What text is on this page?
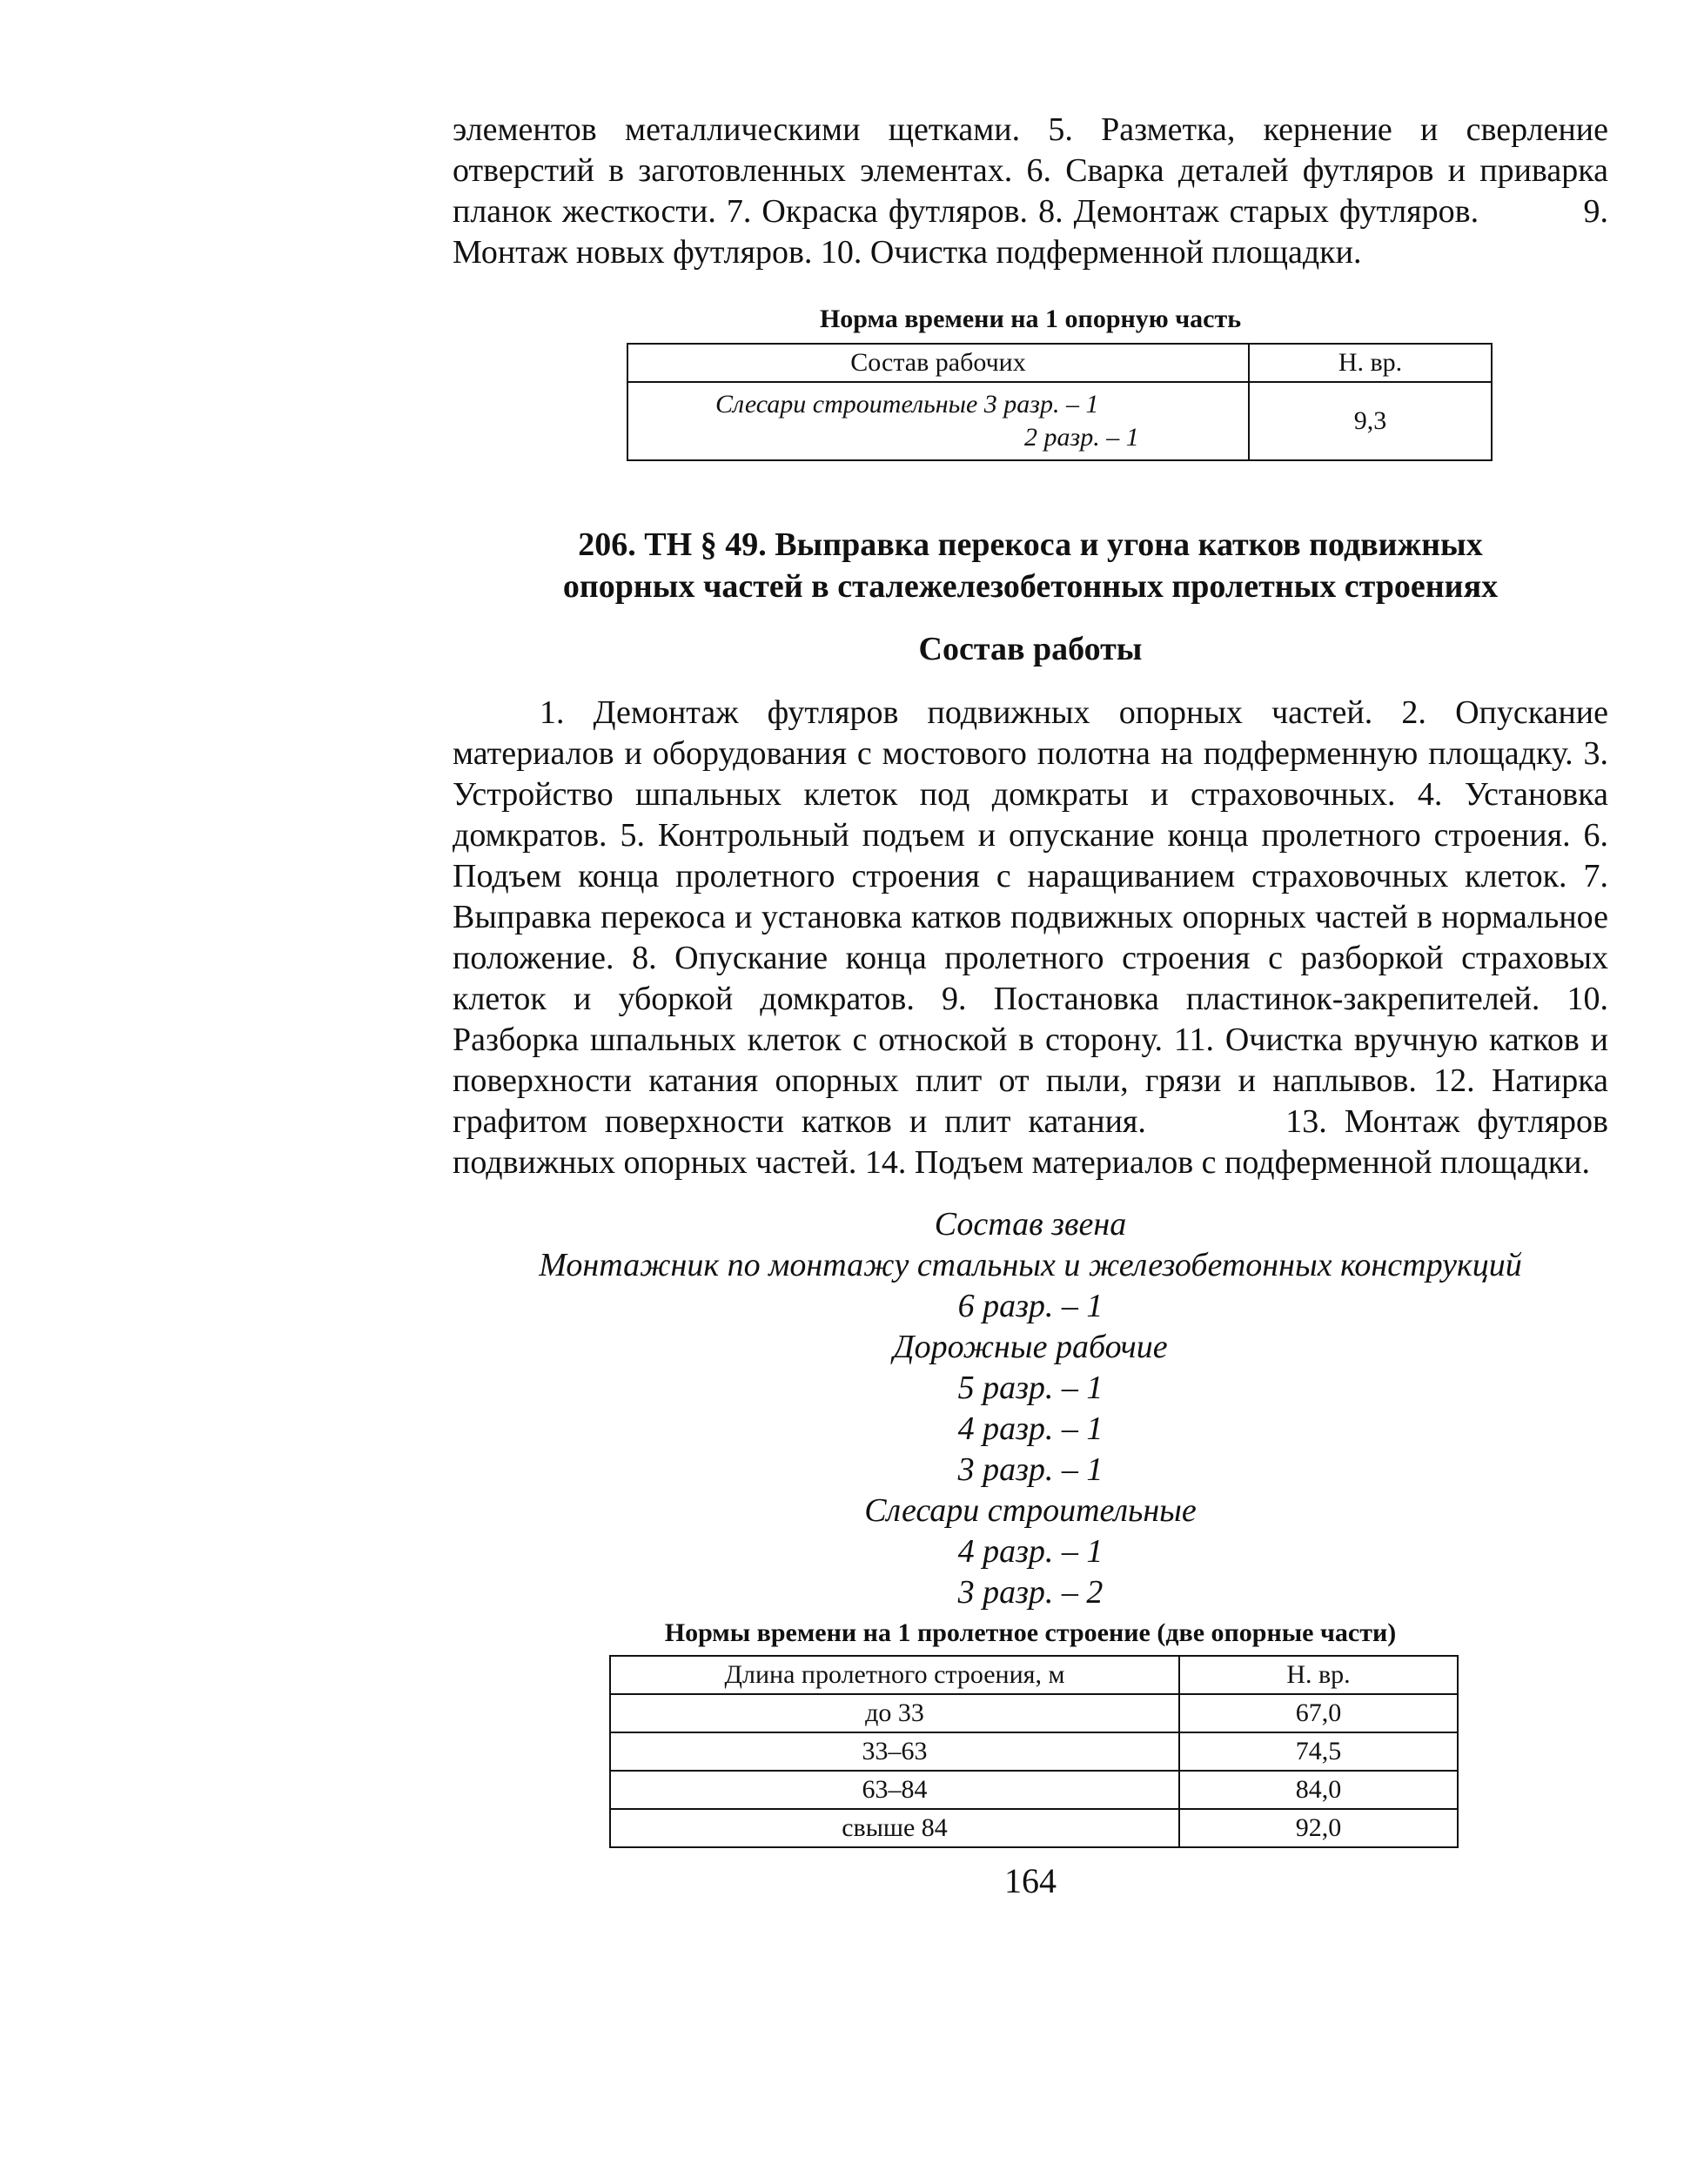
элементов металлическими щетками. 5. Разметка, кернение и сверление отверстий в заготовленных элементах. 6. Сварка деталей футляров и приварка планок жесткости. 7. Окраска футляров. 8. Демонтаж старых футляров.          9. Монтаж новых футляров. 10. Очистка подферменной площадки.

Норма времени на 1 опорную часть

Состав рабочих	Н. вр.

Слесари строительные 3 разр. – 1
2 разр. – 1	9,3

206. ТН § 49. Выправка перекоса и угона катков подвижных

опорных частей в сталежелезобетонных пролетных строениях

Состав работы

1. Демонтаж футляров подвижных опорных частей. 2. Опускание материалов и оборудования с мостового полотна на подферменную площадку. 3. Устройство шпальных клеток под домкраты и страховочных. 4. Установка домкратов. 5. Контрольный подъем и опускание конца пролетного строения. 6. Подъем конца пролетного строения с наращиванием страховочных клеток. 7. Выправка перекоса и установка катков подвижных опорных частей в нормальное положение. 8. Опускание конца пролетного строения с разборкой страховых клеток и уборкой домкратов. 9. Постановка пластинок-закрепителей. 10. Разборка шпальных клеток с отноской в сторону. 11. Очистка вручную катков и поверхности катания опорных плит от пыли, грязи и наплывов. 12. Натирка графитом поверхности катков и плит катания.        13. Монтаж футляров подвижных опорных частей. 14. Подъем материалов с подферменной площадки.

Состав звена

Монтажник по монтажу стальных и железобетонных конструкций

6 разр. – 1

Дорожные рабочие

5 разр. – 1

4 разр. – 1

3 разр. – 1

Слесари строительные

4 разр. – 1

3 разр. – 2

Нормы времени на 1 пролетное строение (две опорные части)

Длина пролетного строения, м	Н. вр.
до 33	67,0
33–63	74,5
63–84	84,0
свыше 84	92,0

164
